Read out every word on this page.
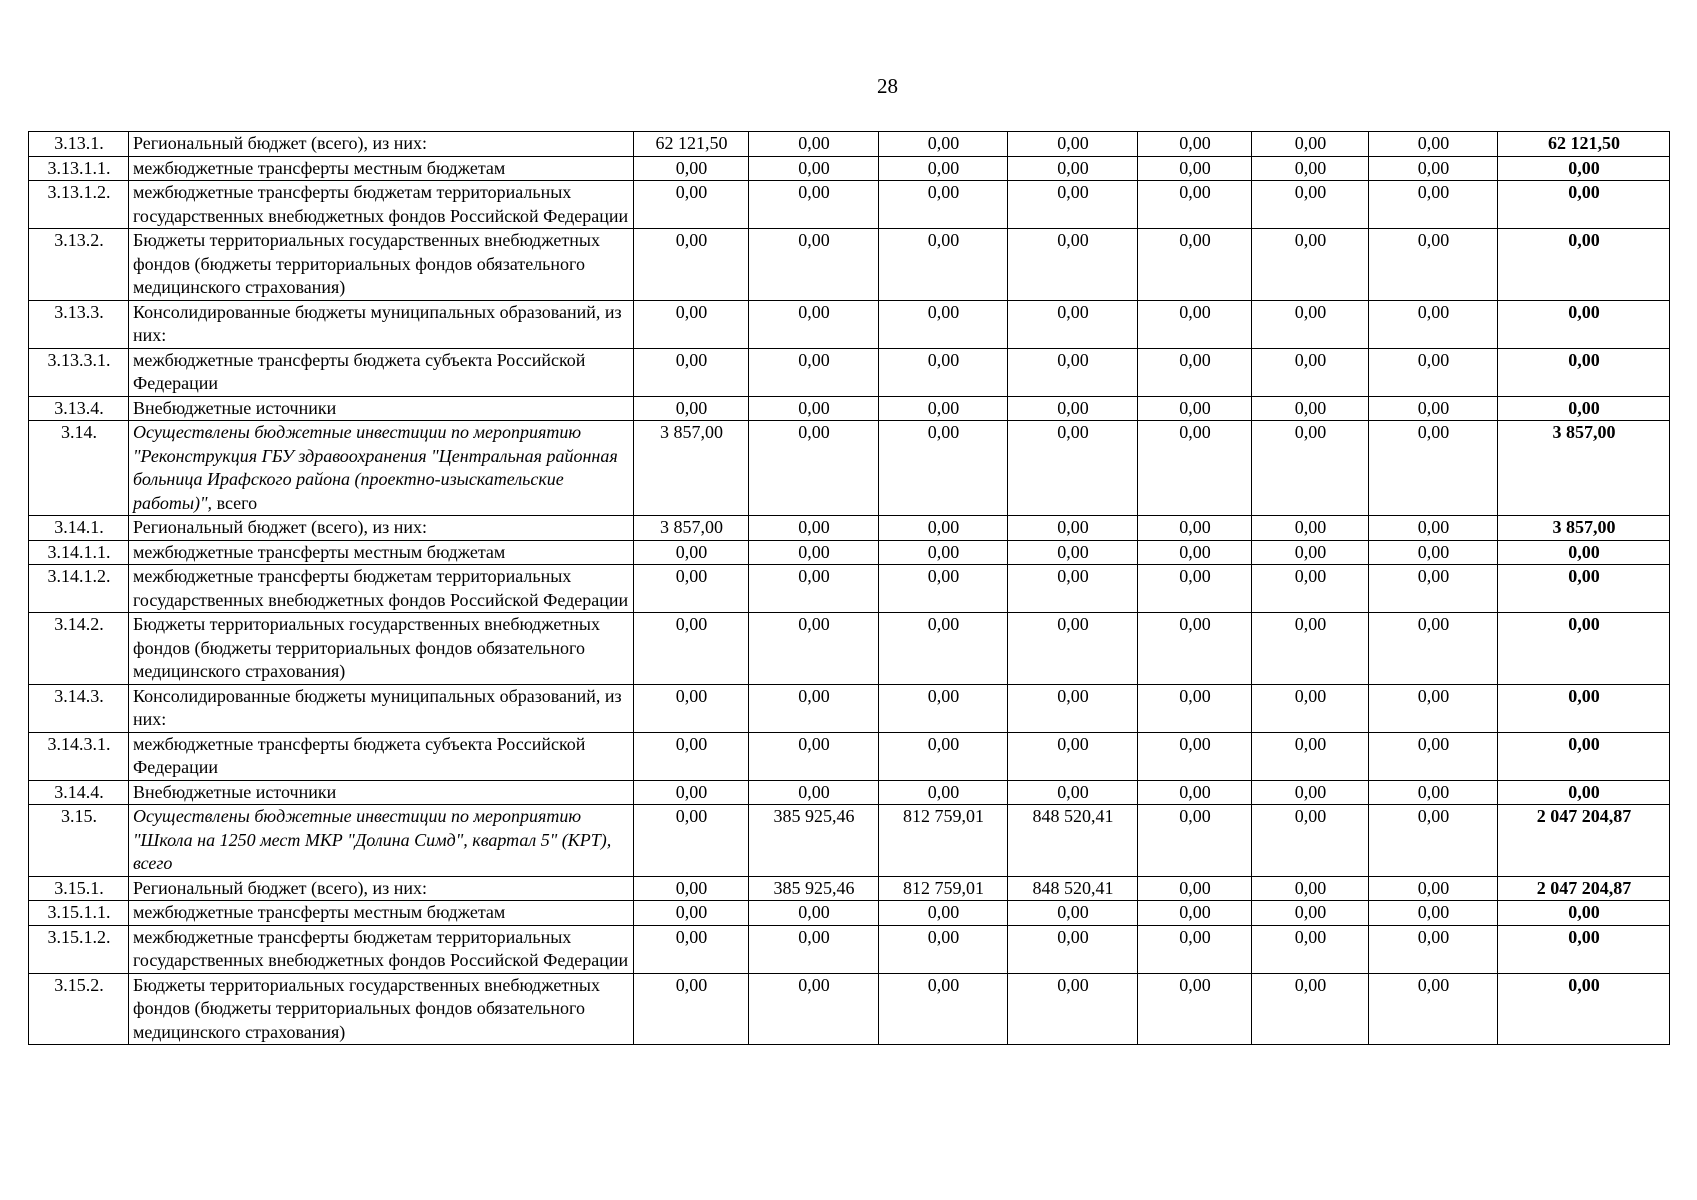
28
3.13.1.	Региональный бюджет (всего), из них:	62 121,50	0,00	0,00	0,00	0,00	0,00	0,00	62 121,50
3.13.1.1.	межбюджетные трансферты местным бюджетам	0,00	0,00	0,00	0,00	0,00	0,00	0,00	0,00
3.13.1.2.	межбюджетные трансферты бюджетам территориальных государственных внебюджетных фондов Российской Федерации	0,00	0,00	0,00	0,00	0,00	0,00	0,00	0,00
3.13.2.	Бюджеты территориальных государственных внебюджетных фондов (бюджеты территориальных фондов обязательного медицинского страхования)	0,00	0,00	0,00	0,00	0,00	0,00	0,00	0,00
3.13.3.	Консолидированные бюджеты муниципальных образований, из них:	0,00	0,00	0,00	0,00	0,00	0,00	0,00	0,00
3.13.3.1.	межбюджетные трансферты бюджета субъекта Российской Федерации	0,00	0,00	0,00	0,00	0,00	0,00	0,00	0,00
3.13.4.	Внебюджетные источники	0,00	0,00	0,00	0,00	0,00	0,00	0,00	0,00
3.14.	Осуществлены бюджетные инвестиции по мероприятию "Реконструкция ГБУ здравоохранения "Центральная районная больница Ирафского района (проектно-изыскательские работы)", всего	3 857,00	0,00	0,00	0,00	0,00	0,00	0,00	3 857,00
3.14.1.	Региональный бюджет (всего), из них:	3 857,00	0,00	0,00	0,00	0,00	0,00	0,00	3 857,00
3.14.1.1.	межбюджетные трансферты местным бюджетам	0,00	0,00	0,00	0,00	0,00	0,00	0,00	0,00
3.14.1.2.	межбюджетные трансферты бюджетам территориальных государственных внебюджетных фондов Российской Федерации	0,00	0,00	0,00	0,00	0,00	0,00	0,00	0,00
3.14.2.	Бюджеты территориальных государственных внебюджетных фондов (бюджеты территориальных фондов обязательного медицинского страхования)	0,00	0,00	0,00	0,00	0,00	0,00	0,00	0,00
3.14.3.	Консолидированные бюджеты муниципальных образований, из них:	0,00	0,00	0,00	0,00	0,00	0,00	0,00	0,00
3.14.3.1.	межбюджетные трансферты бюджета субъекта Российской Федерации	0,00	0,00	0,00	0,00	0,00	0,00	0,00	0,00
3.14.4.	Внебюджетные источники	0,00	0,00	0,00	0,00	0,00	0,00	0,00	0,00
3.15.	Осуществлены бюджетные инвестиции по мероприятию "Школа на 1250 мест МКР "Долина Симд", квартал 5" (КРТ), всего	0,00	385 925,46	812 759,01	848 520,41	0,00	0,00	0,00	2 047 204,87
3.15.1.	Региональный бюджет (всего), из них:	0,00	385 925,46	812 759,01	848 520,41	0,00	0,00	0,00	2 047 204,87
3.15.1.1.	межбюджетные трансферты местным бюджетам	0,00	0,00	0,00	0,00	0,00	0,00	0,00	0,00
3.15.1.2.	межбюджетные трансферты бюджетам территориальных государственных внебюджетных фондов Российской Федерации	0,00	0,00	0,00	0,00	0,00	0,00	0,00	0,00
3.15.2.	Бюджеты территориальных государственных внебюджетных фондов (бюджеты территориальных фондов обязательного медицинского страхования)	0,00	0,00	0,00	0,00	0,00	0,00	0,00	0,00
